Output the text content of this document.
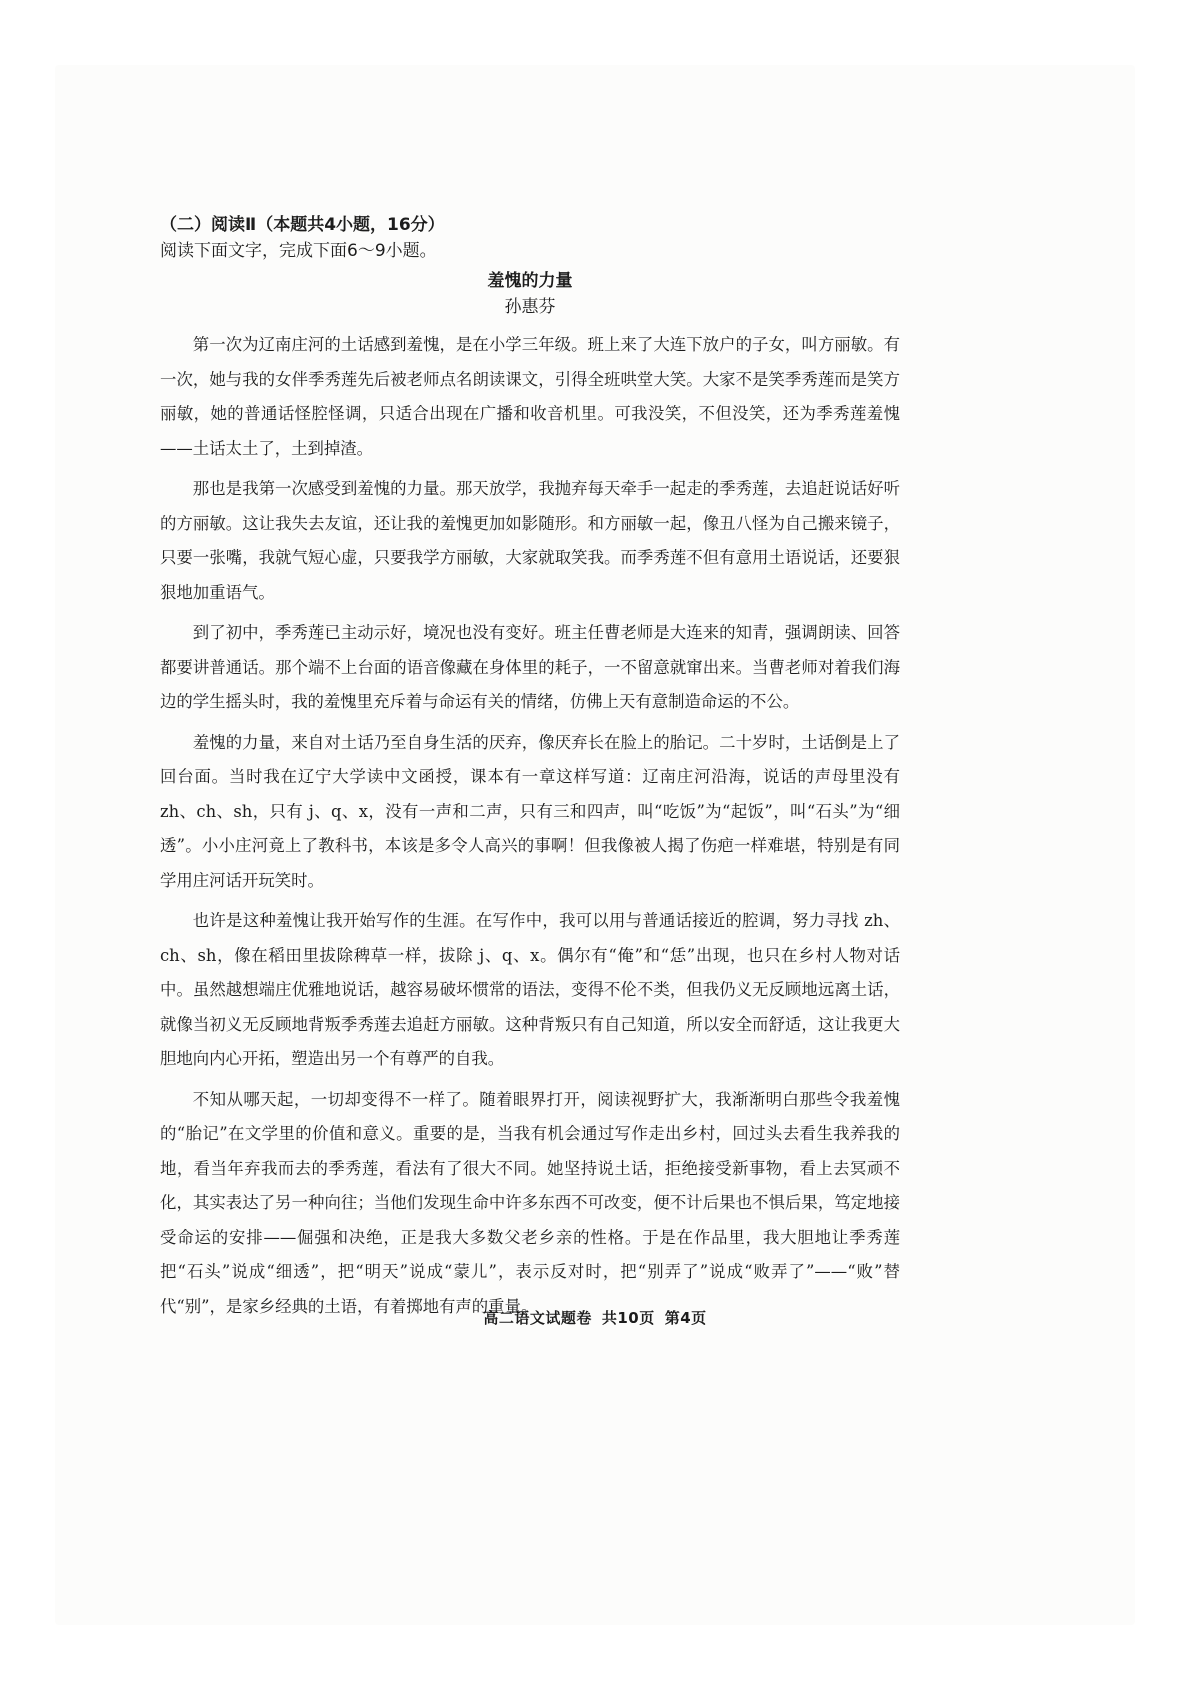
（二）阅读Ⅱ（本题共4小题，16分）
阅读下面文字，完成下面6～9小题。
羞愧的力量
孙惠芬

第一次为辽南庄河的土话感到羞愧，是在小学三年级。班上来了大连下放户的子女，叫方丽敏。有一次，她与我的女伴季秀莲先后被老师点名朗读课文，引得全班哄堂大笑。大家不是笑季秀莲而是笑方丽敏，她的普通话怪腔怪调，只适合出现在广播和收音机里。可我没笑，不但没笑，还为季秀莲羞愧——土话太土了，土到掉渣。

那也是我第一次感受到羞愧的力量。那天放学，我抛弃每天牵手一起走的季秀莲，去追赶说话好听的方丽敏。这让我失去友谊，还让我的羞愧更加如影随形。和方丽敏一起，像丑八怪为自己搬来镜子，只要一张嘴，我就气短心虚，只要我学方丽敏，大家就取笑我。而季秀莲不但有意用土语说话，还要狠狠地加重语气。

到了初中，季秀莲已主动示好，境况也没有变好。班主任曹老师是大连来的知青，强调朗读、回答都要讲普通话。那个端不上台面的语音像藏在身体里的耗子，一不留意就窜出来。当曹老师对着我们海边的学生摇头时，我的羞愧里充斥着与命运有关的情绪，仿佛上天有意制造命运的不公。

羞愧的力量，来自对土话乃至自身生活的厌弃，像厌弃长在脸上的胎记。二十岁时，土话倒是上了回台面。当时我在辽宁大学读中文函授，课本有一章这样写道：辽南庄河沿海，说话的声母里没有 zh、ch、sh，只有 j、q、x，没有一声和二声，只有三和四声，叫“吃饭”为“起饭”，叫“石头”为“细透”。小小庄河竟上了教科书，本该是多令人高兴的事啊！但我像被人揭了伤疤一样难堪，特别是有同学用庄河话开玩笑时。

也许是这种羞愧让我开始写作的生涯。在写作中，我可以用与普通话接近的腔调，努力寻找 zh、ch、sh，像在稻田里拔除稗草一样，拔除 j、q、x。偶尔有“俺”和“恁”出现，也只在乡村人物对话中。虽然越想端庄优雅地说话，越容易破坏惯常的语法，变得不伦不类，但我仍义无反顾地远离土话，就像当初义无反顾地背叛季秀莲去追赶方丽敏。这种背叛只有自己知道，所以安全而舒适，这让我更大胆地向内心开拓，塑造出另一个有尊严的自我。

不知从哪天起，一切却变得不一样了。随着眼界打开，阅读视野扩大，我渐渐明白那些令我羞愧的“胎记”在文学里的价值和意义。重要的是，当我有机会通过写作走出乡村，回过头去看生我养我的地，看当年弃我而去的季秀莲，看法有了很大不同。她坚持说土话，拒绝接受新事物，看上去冥顽不化，其实表达了另一种向往；当他们发现生命中许多东西不可改变，便不计后果也不惧后果，笃定地接受命运的安排——倔强和决绝，正是我大多数父老乡亲的性格。于是在作品里，我大胆地让季秀莲把“石头”说成“细透”，把“明天”说成“蒙儿”，表示反对时，把“别弄了”说成“败弄了”——“败”替代“别”，是家乡经典的土语，有着掷地有声的重量。

高二语文试题卷 共10页 第4页
